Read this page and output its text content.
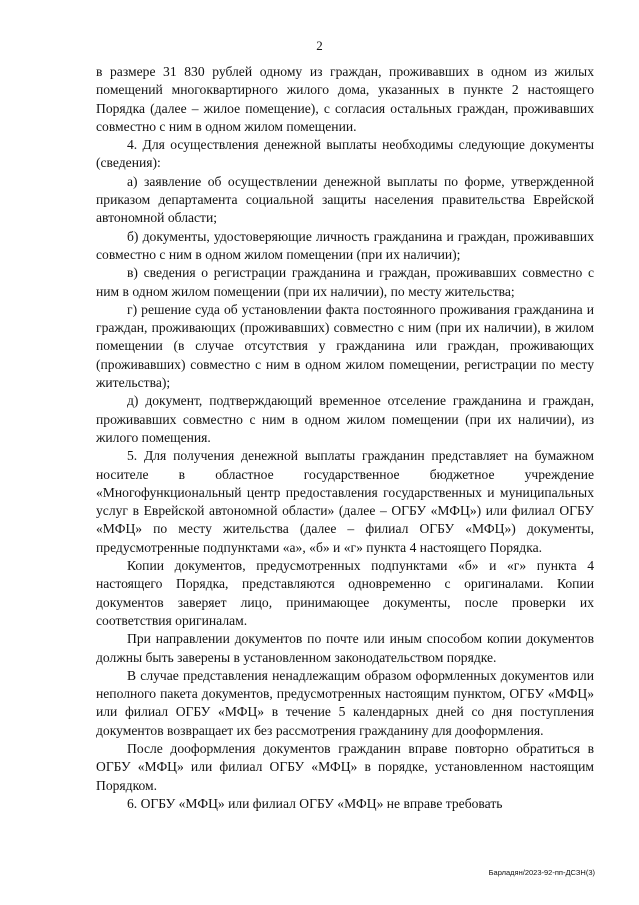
2

в размере 31 830 рублей одному из граждан, проживавших в одном из жилых помещений многоквартирного жилого дома, указанных в пункте 2 настоящего Порядка (далее – жилое помещение), с согласия остальных граждан, проживавших совместно с ним в одном жилом помещении.

4. Для осуществления денежной выплаты необходимы следующие документы (сведения):

а) заявление об осуществлении денежной выплаты по форме, утвержденной приказом департамента социальной защиты населения правительства Еврейской автономной области;

б) документы, удостоверяющие личность гражданина и граждан, проживавших совместно с ним в одном жилом помещении (при их наличии);

в) сведения о регистрации гражданина и граждан, проживавших совместно с ним в одном жилом помещении (при их наличии), по месту жительства;

г) решение суда об установлении факта постоянного проживания гражданина и граждан, проживающих (проживавших) совместно с ним (при их наличии), в жилом помещении (в случае отсутствия у гражданина или граждан, проживающих (проживавших) совместно с ним в одном жилом помещении, регистрации по месту жительства);

д) документ, подтверждающий временное отселение гражданина и граждан, проживавших совместно с ним в одном жилом помещении (при их наличии), из жилого помещения.

5. Для получения денежной выплаты гражданин представляет на бумажном носителе в областное государственное бюджетное учреждение «Многофункциональный центр предоставления государственных и муниципальных услуг в Еврейской автономной области» (далее – ОГБУ «МФЦ») или филиал ОГБУ «МФЦ» по месту жительства (далее – филиал ОГБУ «МФЦ») документы, предусмотренные подпунктами «а», «б» и «г» пункта 4 настоящего Порядка.

Копии документов, предусмотренных подпунктами «б» и «г» пункта 4 настоящего Порядка, представляются одновременно с оригиналами. Копии документов заверяет лицо, принимающее документы, после проверки их соответствия оригиналам.

При направлении документов по почте или иным способом копии документов должны быть заверены в установленном законодательством порядке.

В случае представления ненадлежащим образом оформленных документов или неполного пакета документов, предусмотренных настоящим пунктом, ОГБУ «МФЦ» или филиал ОГБУ «МФЦ» в течение 5 календарных дней со дня поступления документов возвращает их без рассмотрения гражданину для дооформления.

После дооформления документов гражданин вправе повторно обратиться в ОГБУ «МФЦ» или филиал ОГБУ «МФЦ» в порядке, установленном настоящим Порядком.

6. ОГБУ «МФЦ» или филиал ОГБУ «МФЦ» не вправе требовать

Барладян/2023-92-пп-ДСЗН(3)
